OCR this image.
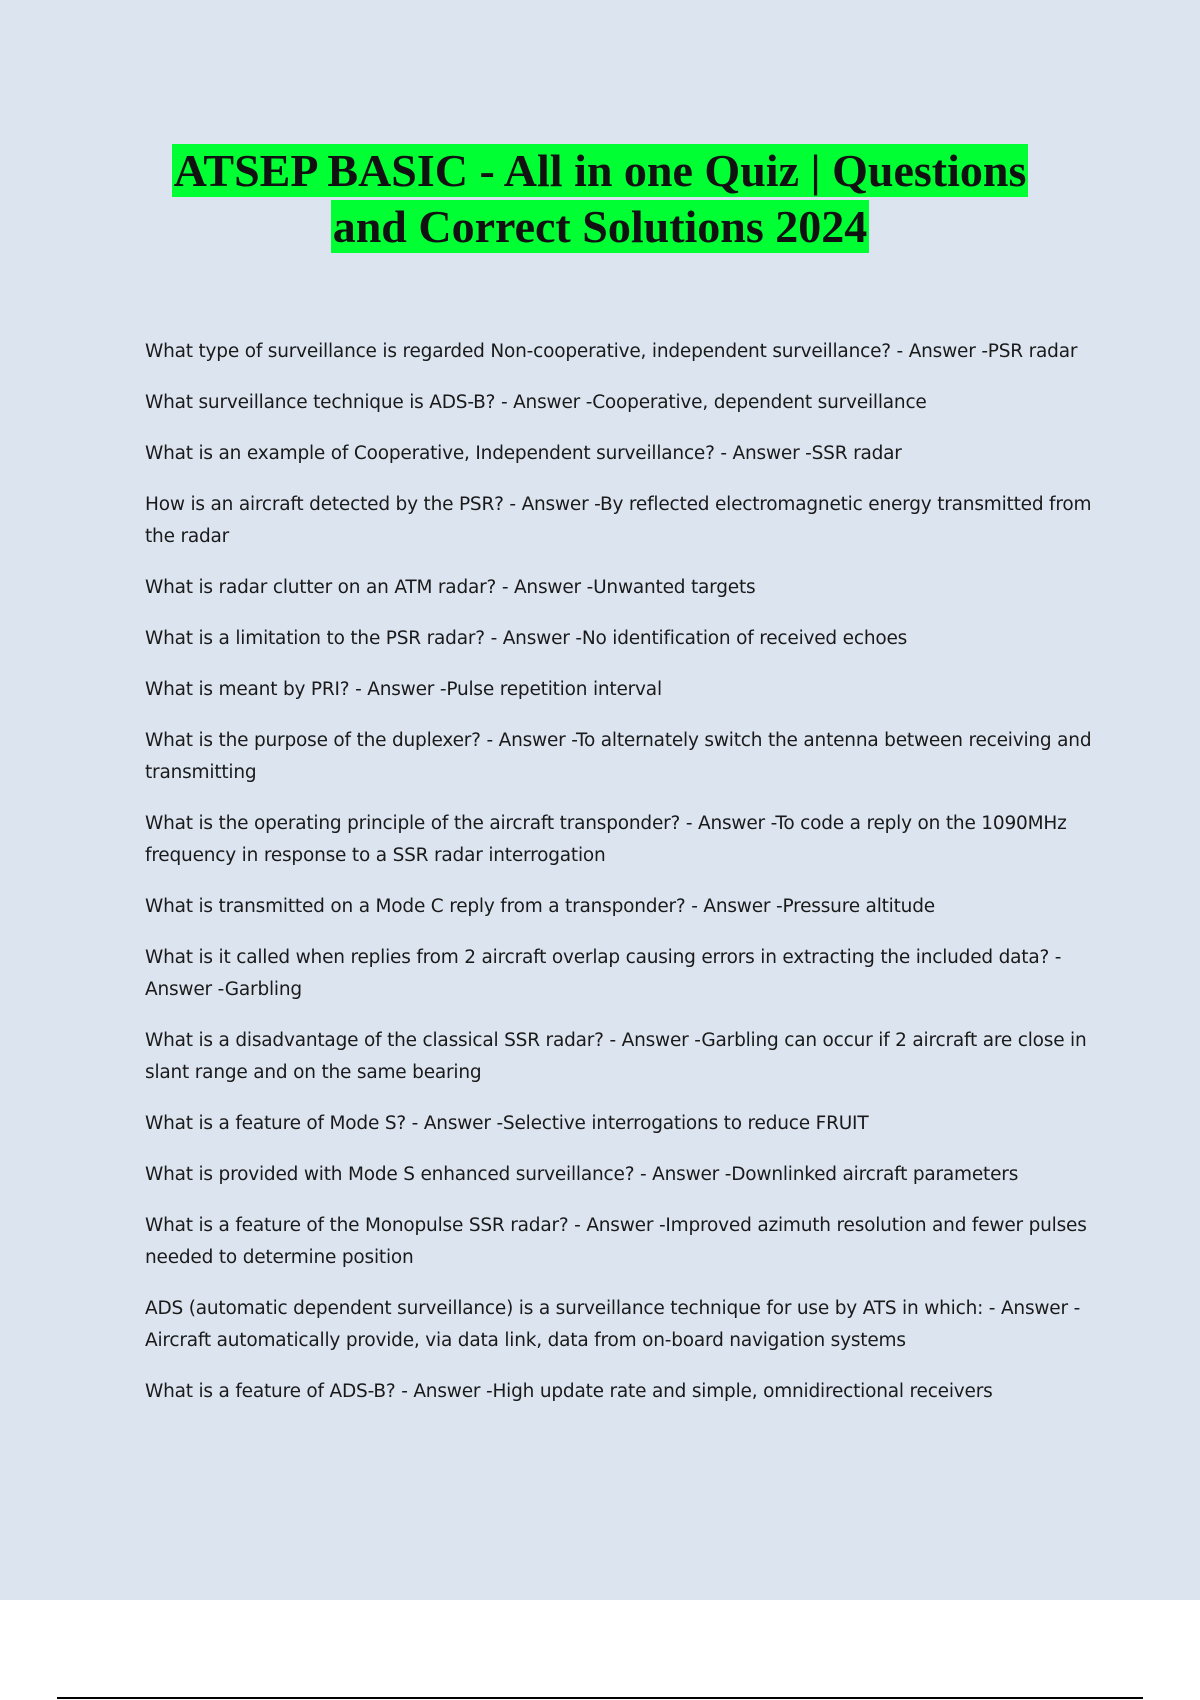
ATSEP BASIC - All in one Quiz | Questions
and Correct Solutions 2024
What type of surveillance is regarded Non-cooperative, independent surveillance? - Answer -PSR radar
What surveillance technique is ADS-B? - Answer -Cooperative, dependent surveillance
What is an example of Cooperative, Independent surveillance? - Answer -SSR radar
How is an aircraft detected by the PSR? - Answer -By reflected electromagnetic energy transmitted from the radar
What is radar clutter on an ATM radar? - Answer -Unwanted targets
What is a limitation to the PSR radar? - Answer -No identification of received echoes
What is meant by PRI? - Answer -Pulse repetition interval
What is the purpose of the duplexer? - Answer -To alternately switch the antenna between receiving and transmitting
What is the operating principle of the aircraft transponder? - Answer -To code a reply on the 1090MHz frequency in response to a SSR radar interrogation
What is transmitted on a Mode C reply from a transponder? - Answer -Pressure altitude
What is it called when replies from 2 aircraft overlap causing errors in extracting the included data? - Answer -Garbling
What is a disadvantage of the classical SSR radar? - Answer -Garbling can occur if 2 aircraft are close in slant range and on the same bearing
What is a feature of Mode S? - Answer -Selective interrogations to reduce FRUIT
What is provided with Mode S enhanced surveillance? - Answer -Downlinked aircraft parameters
What is a feature of the Monopulse SSR radar? - Answer -Improved azimuth resolution and fewer pulses needed to determine position
ADS (automatic dependent surveillance) is a surveillance technique for use by ATS in which: - Answer -Aircraft automatically provide, via data link, data from on-board navigation systems
What is a feature of ADS-B? - Answer -High update rate and simple, omnidirectional receivers
